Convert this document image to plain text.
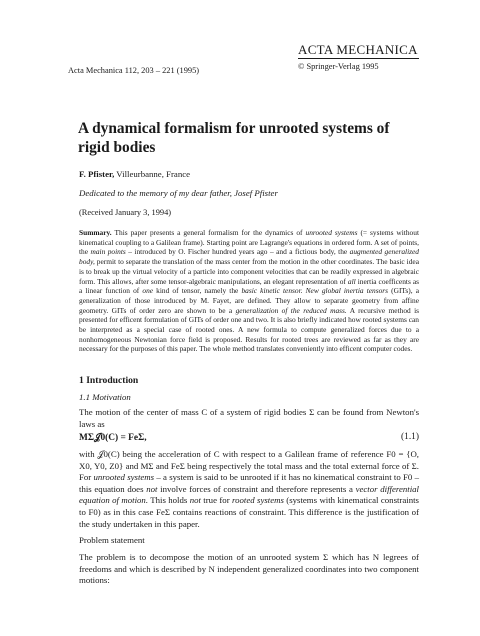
Acta Mechanica 112, 203 – 221 (1995)
ACTA MECHANICA
© Springer-Verlag 1995
A dynamical formalism for unrooted systems of rigid bodies
F. Pfister, Villeurbanne, France
Dedicated to the memory of my dear father, Josef Pfister
(Received January 3, 1994)
Summary. This paper presents a general formalism for the dynamics of unrooted systems (= systems without kinematical coupling to a Galilean frame). Starting point are Lagrange's equations in ordered form. A set of points, the main points – introduced by O. Fischer hundred years ago – and a fictious body, the augmented generalized body, permit to separate the translation of the mass center from the motion in the other coordinates. The basic idea is to break up the virtual velocity of a particle into component velocities that can be readily expressed in algebraic form. This allows, after some tensor-algebraic manipulations, an elegant representation of all inertia coefficents as a linear function of one kind of tensor, namely the basic kinetic tensor. New global inertia tensors (GITs), a generalization of those introduced by M. Fayet, are defined. They allow to separate geometry from affine geometry. GITs of order zero are shown to be a generalization of the reduced mass. A recursive method is presented for efficent formulation of GITs of order one and two. It is also briefly indicated how rooted systems can be interpreted as a special case of rooted ones. A new formula to compute generalized forces due to a nonhomogeneous Newtonian force field is proposed. Results for rooted trees are reviewed as far as they are necessary for the purposes of this paper. The whole method translates conveniently into efficent computer codes.
1 Introduction
1.1 Motivation
The motion of the center of mass C of a system of rigid bodies Σ can be found from Newton's laws as
MΣ𝒥0(C) = FeΣ,	(1.1)
with 𝒥0(C) being the acceleration of C with respect to a Galilean frame of reference F0 = {O, X0, Y0, Z0} and MΣ and FeΣ being respectively the total mass and the total external force of Σ. For unrooted systems – a system is said to be unrooted if it has no kinematical constraint to F0 – this equation does not involve forces of constraint and therefore represents a vector differential equation of motion. This holds not true for rooted systems (systems with kinematical constraints to F0) as in this case FeΣ contains reactions of constraint. This difference is the justification of the study undertaken in this paper.
Problem statement
The problem is to decompose the motion of an unrooted system Σ which has N legrees of freedoms and which is described by N independent generalized coordinates into two component motions:
